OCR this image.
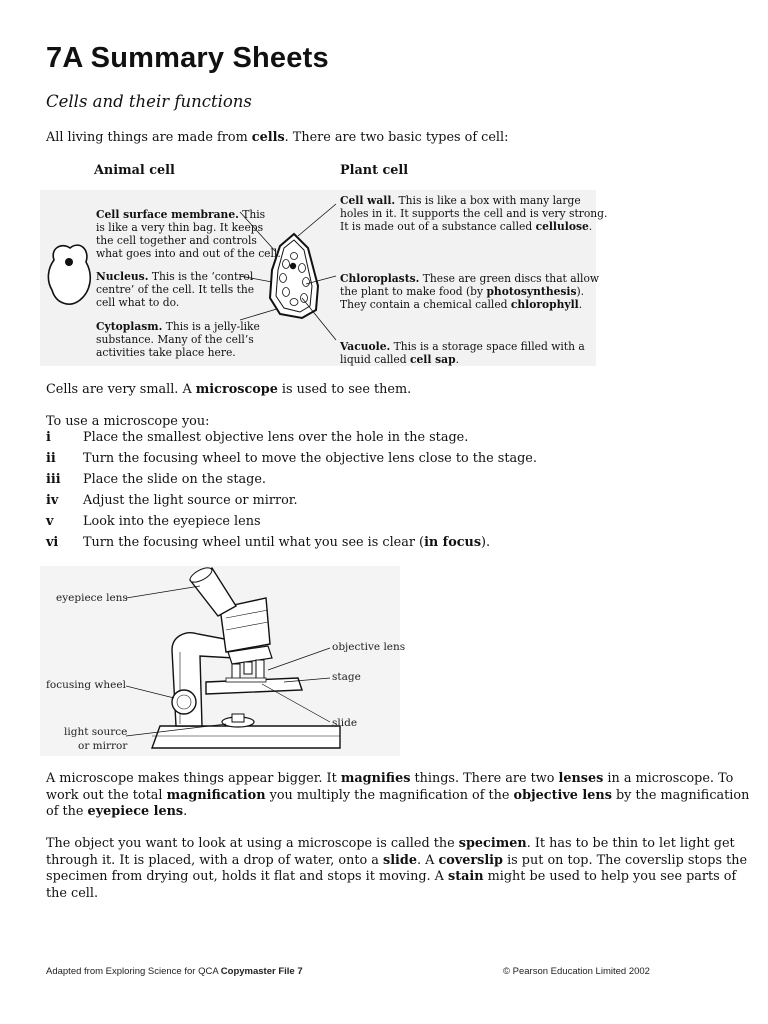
7A Summary Sheets
Cells and their functions
All living things are made from cells. There are two basic types of cell:
Animal cell	Plant cell
Cell surface membrane. This
is like a very thin bag. It keeps
the cell together and controls
what goes into and out of the cell.
Nucleus. This is the ‘control
centre’ of the cell. It tells the
cell what to do.
Cytoplasm. This is a jelly-like
substance. Many of the cell’s
activities take place here.
Cell wall. This is like a box with many large
holes in it. It supports the cell and is very strong.
It is made out of a substance called cellulose.
Chloroplasts. These are green discs that allow
the plant to make food (by photosynthesis).
They contain a chemical called chlorophyll.
Vacuole. This is a storage space filled with a
liquid called cell sap.
Cells are very small. A microscope is used to see them.
To use a microscope you:
i	Place the smallest objective lens over the hole in the stage.
ii Turn the focusing wheel to move the objective lens close to the stage.
iii Place the slide on the stage.
iv Adjust the light source or mirror.
v Look into the eyepiece lens
vi Turn the focusing wheel until what you see is clear (in focus).
eyepiece lens
objective lens
stage
focusing wheel
slide
light source
or mirror
A microscope makes things appear bigger. It magnifies things. There are two lenses in a microscope. To
work out the total magnification you multiply the magnification of the objective lens by the magnification
of the eyepiece lens.
The object you want to look at using a microscope is called the specimen. It has to be thin to let light get
through it. It is placed, with a drop of water, onto a slide. A coverslip is put on top. The coverslip stops the
specimen from drying out, holds it flat and stops it moving. A stain might be used to help you see parts of
the cell.
Adapted from Exploring Science for QCA Copymaster File 7	© Pearson Education Limited 2002
